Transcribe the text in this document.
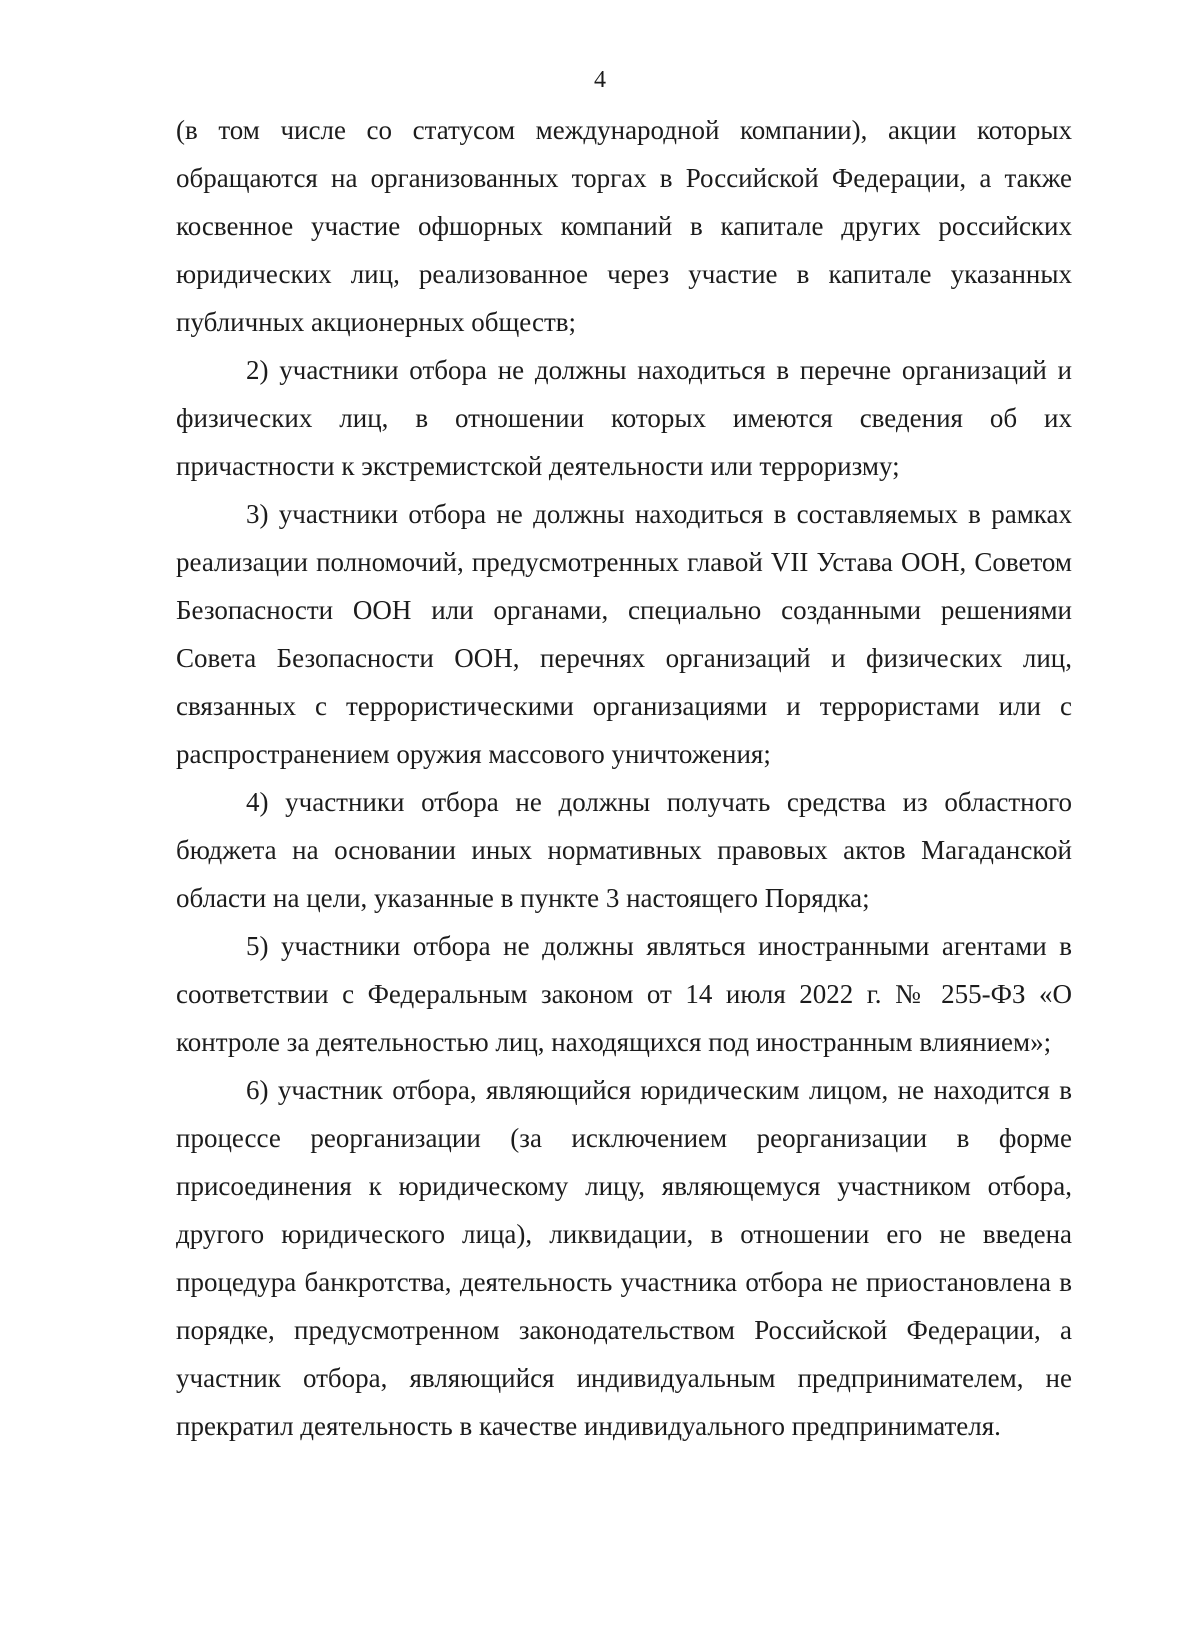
4

(в том числе со статусом международной компании), акции которых обращаются на организованных торгах в Российской Федерации, а также косвенное участие офшорных компаний в капитале других российских юридических лиц, реализованное через участие в капитале указанных публичных акционерных обществ;

2) участники отбора не должны находиться в перечне организаций и физических лиц, в отношении которых имеются сведения об их причастности к экстремистской деятельности или терроризму;

3) участники отбора не должны находиться в составляемых в рамках реализации полномочий, предусмотренных главой VII Устава ООН, Советом Безопасности ООН или органами, специально созданными решениями Совета Безопасности ООН, перечнях организаций и физических лиц, связанных с террористическими организациями и террористами или с распространением оружия массового уничтожения;

4) участники отбора не должны получать средства из областного бюджета на основании иных нормативных правовых актов Магаданской области на цели, указанные в пункте 3 настоящего Порядка;

5) участники отбора не должны являться иностранными агентами в соответствии с Федеральным законом от 14 июля 2022 г. № 255-ФЗ «О контроле за деятельностью лиц, находящихся под иностранным влиянием»;

6) участник отбора, являющийся юридическим лицом, не находится в процессе реорганизации (за исключением реорганизации в форме присоединения к юридическому лицу, являющемуся участником отбора, другого юридического лица), ликвидации, в отношении его не введена процедура банкротства, деятельность участника отбора не приостановлена в порядке, предусмотренном законодательством Российской Федерации, а участник отбора, являющийся индивидуальным предпринимателем, не прекратил деятельность в качестве индивидуального предпринимателя.
